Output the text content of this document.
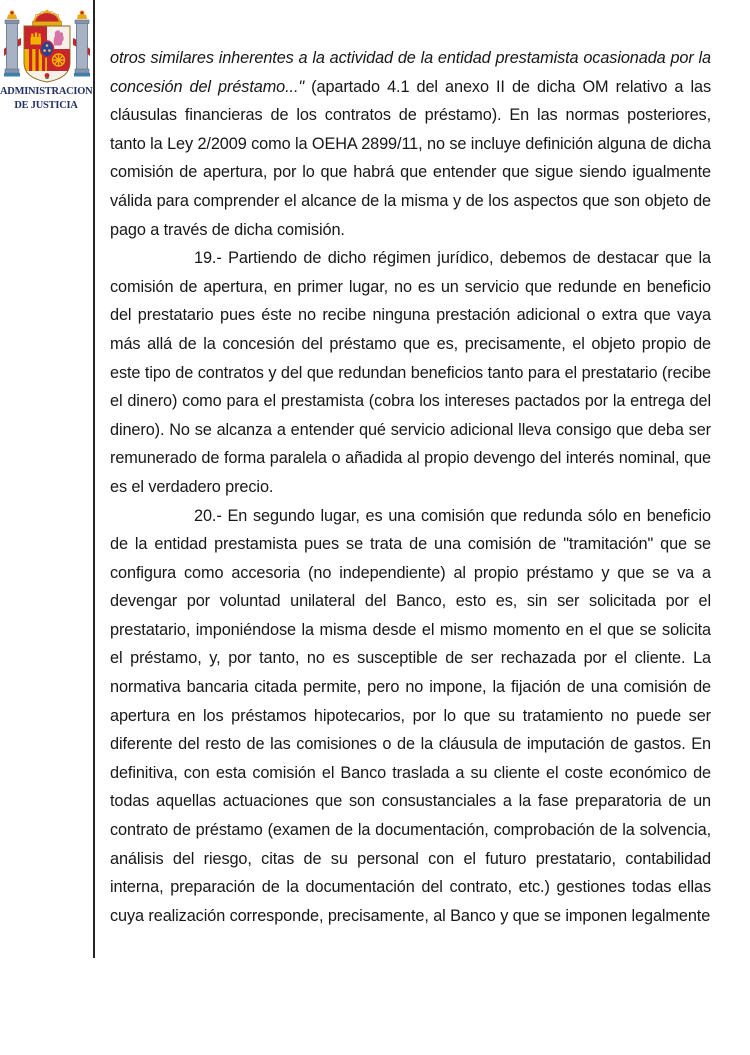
ADMINISTRACION
DE JUSTICIA

otros similares inherentes a la actividad de la entidad prestamista ocasionada por la concesión del préstamo..." (apartado 4.1 del anexo II de dicha OM relativo a las cláusulas financieras de los contratos de préstamo). En las normas posteriores, tanto la Ley 2/2009 como la OEHA 2899/11, no se incluye definición alguna de dicha comisión de apertura, por lo que habrá que entender que sigue siendo igualmente válida para comprender el alcance de la misma y de los aspectos que son objeto de pago a través de dicha comisión.

19.- Partiendo de dicho régimen jurídico, debemos de destacar que la comisión de apertura, en primer lugar, no es un servicio que redunde en beneficio del prestatario pues éste no recibe ninguna prestación adicional o extra que vaya más allá de la concesión del préstamo que es, precisamente, el objeto propio de este tipo de contratos y del que redundan beneficios tanto para el prestatario (recibe el dinero) como para el prestamista (cobra los intereses pactados por la entrega del dinero). No se alcanza a entender qué servicio adicional lleva consigo que deba ser remunerado de forma paralela o añadida al propio devengo del interés nominal, que es el verdadero precio.

20.- En segundo lugar, es una comisión que redunda sólo en beneficio de la entidad prestamista pues se trata de una comisión de "tramitación" que se configura como accesoria (no independiente) al propio préstamo y que se va a devengar por voluntad unilateral del Banco, esto es, sin ser solicitada por el prestatario, imponiéndose la misma desde el mismo momento en el que se solicita el préstamo, y, por tanto, no es susceptible de ser rechazada por el cliente. La normativa bancaria citada permite, pero no impone, la fijación de una comisión de apertura en los préstamos hipotecarios, por lo que su tratamiento no puede ser diferente del resto de las comisiones o de la cláusula de imputación de gastos. En definitiva, con esta comisión el Banco traslada a su cliente el coste económico de todas aquellas actuaciones que son consustanciales a la fase preparatoria de un contrato de préstamo (examen de la documentación, comprobación de la solvencia, análisis del riesgo, citas de su personal con el futuro prestatario, contabilidad interna, preparación de la documentación del contrato, etc.) gestiones todas ellas cuya realización corresponde, precisamente, al Banco y que se imponen legalmente
